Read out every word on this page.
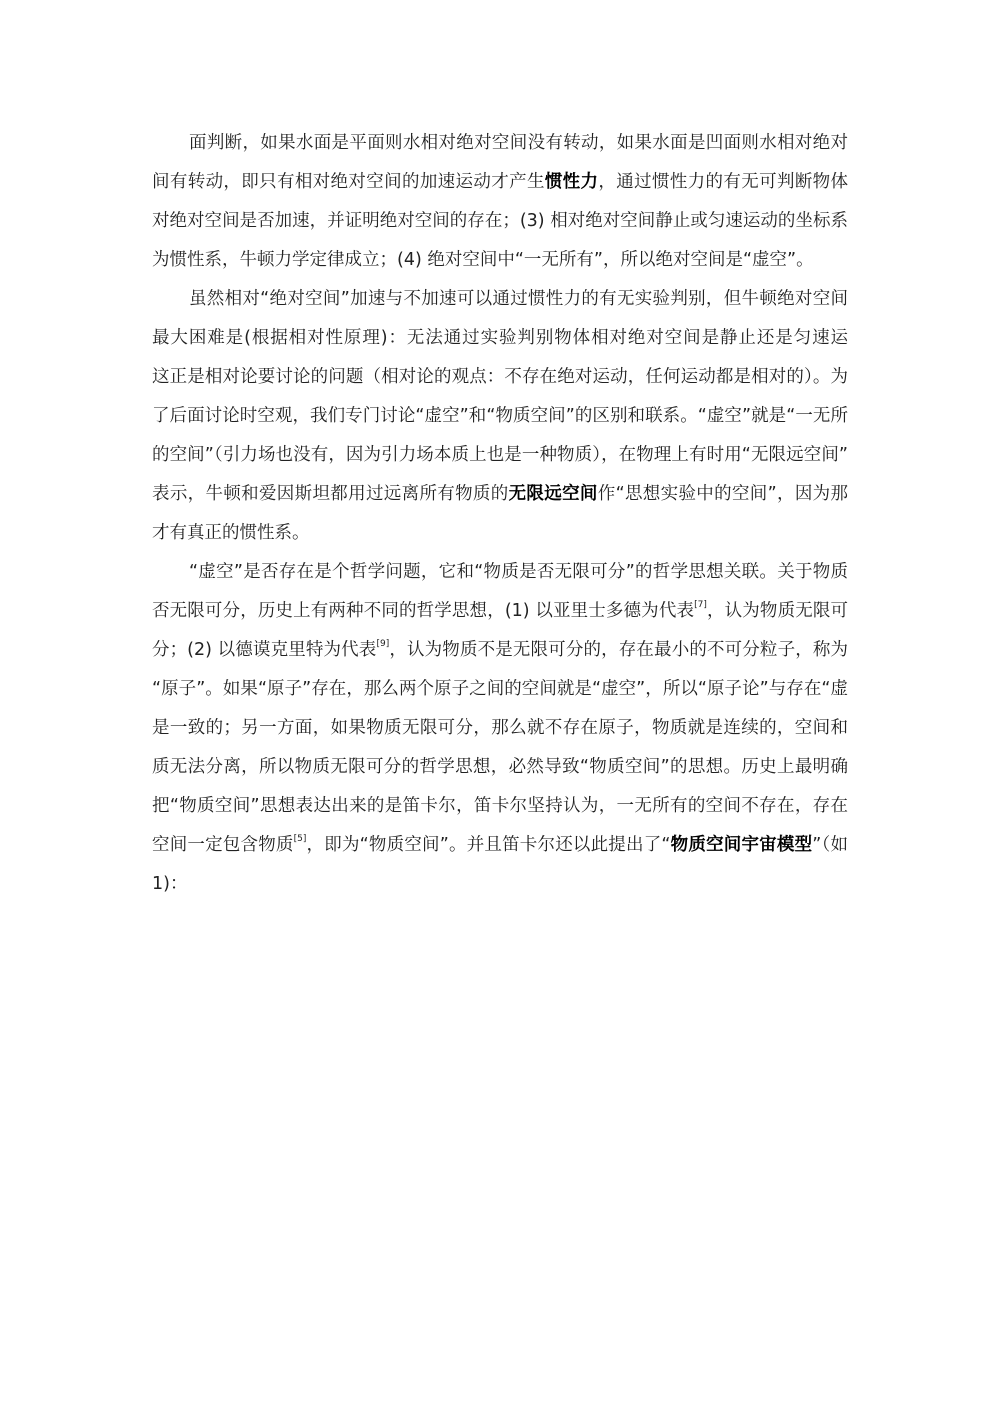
面判断，如果水面是平面则水相对绝对空间没有转动，如果水面是凹面则水相对绝对
间有转动，即只有相对绝对空间的加速运动才产生惯性力，通过惯性力的有无可判断物体
对绝对空间是否加速，并证明绝对空间的存在；(3) 相对绝对空间静止或匀速运动的坐标系
为惯性系，牛顿力学定律成立；(4) 绝对空间中“一无所有”，所以绝对空间是“虚空”。
虽然相对“绝对空间”加速与不加速可以通过惯性力的有无实验判别，但牛顿绝对空间
最大困难是(根据相对性原理)：无法通过实验判别物体相对绝对空间是静止还是匀速运
这正是相对论要讨论的问题（相对论的观点：不存在绝对运动，任何运动都是相对的）。为
了后面讨论时空观，我们专门讨论“虚空”和“物质空间”的区别和联系。“虚空”就是“一无所
的空间”（引力场也没有，因为引力场本质上也是一种物质），在物理上有时用“无限远空间”
表示，牛顿和爱因斯坦都用过远离所有物质的无限远空间作“思想实验中的空间”，因为那
才有真正的惯性系。
“虚空”是否存在是个哲学问题，它和“物质是否无限可分”的哲学思想关联。关于物质
否无限可分，历史上有两种不同的哲学思想，(1) 以亚里士多德为代表[7]，认为物质无限可
分；(2) 以德谟克里特为代表[9]，认为物质不是无限可分的，存在最小的不可分粒子，称为
“原子”。如果“原子”存在，那么两个原子之间的空间就是“虚空”，所以“原子论”与存在“虚
是一致的；另一方面，如果物质无限可分，那么就不存在原子，物质就是连续的，空间和
质无法分离，所以物质无限可分的哲学思想，必然导致“物质空间”的思想。历史上最明确
把“物质空间”思想表达出来的是笛卡尔，笛卡尔坚持认为，一无所有的空间不存在，存在
空间一定包含物质[5]，即为“物质空间”。并且笛卡尔还以此提出了“物质空间宇宙模型”（如
1)：
